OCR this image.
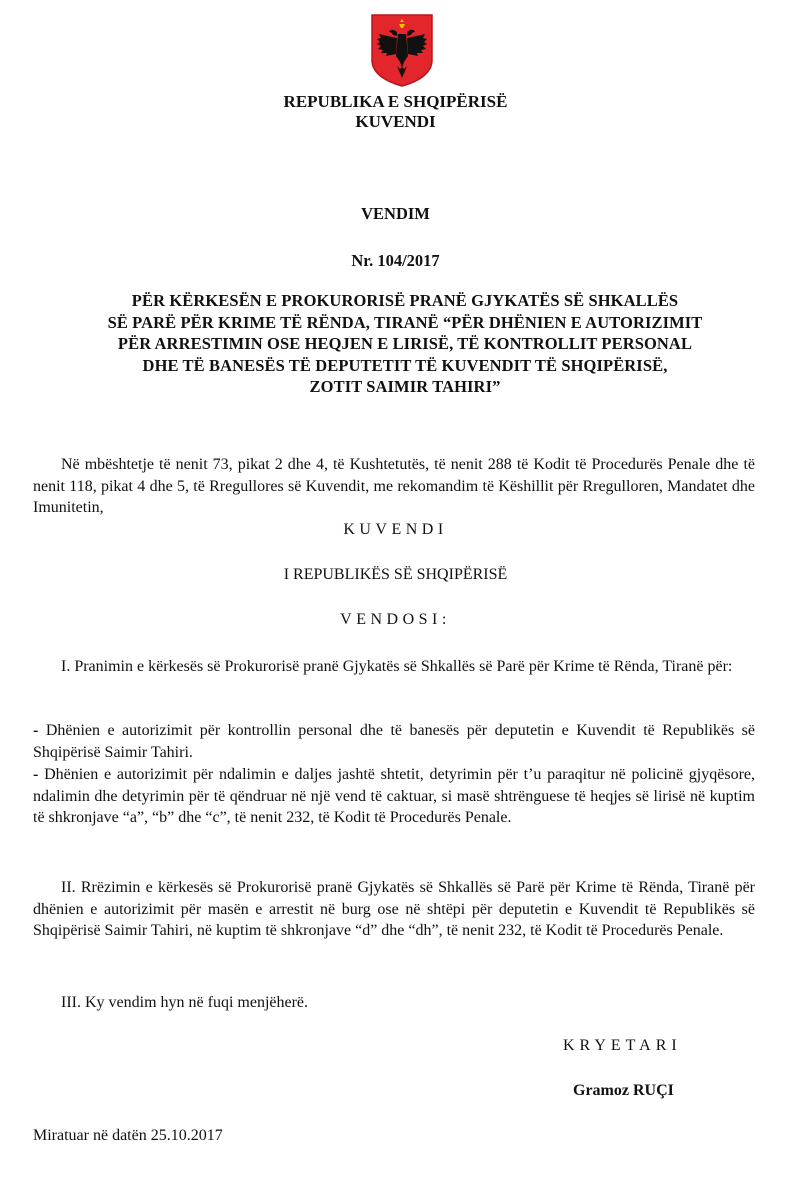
REPUBLIKA E SHQIPËRISË
KUVENDI
VENDIM
Nr. 104/2017
PËR KËRKESËN E PROKURORISË PRANË GJYKATËS SË SHKALLËS
SË PARË PËR KRIME TË RËNDA, TIRANË “PËR DHËNIEN E AUTORIZIMIT
PËR ARRESTIMIN OSE HEQJEN E LIRISË, TË KONTROLLIT PERSONAL
DHE TË BANESËS TË DEPUTETIT TË KUVENDIT TË SHQIPËRISË,
ZOTIT SAIMIR TAHIRI”
Në mbështetje të nenit 73, pikat 2 dhe 4, të Kushtetutës, të nenit 288 të Kodit të Procedurës Penale dhe të nenit 118, pikat 4 dhe 5, të Rregullores së Kuvendit, me rekomandim të Këshillit për Rregulloren, Mandatet dhe Imunitetin,
KUVENDI
I REPUBLIKËS SË SHQIPËRISË
VENDOSI:
I. Pranimin e kërkesës së Prokurorisë pranë Gjykatës së Shkallës së Parë për Krime të Rënda, Tiranë për:
- Dhënien e autorizimit për kontrollin personal dhe të banesës për deputetin e Kuvendit të Republikës së Shqipërisë Saimir Tahiri.
- Dhënien e autorizimit për ndalimin e daljes jashtë shtetit, detyrimin për t’u paraqitur në policinë gjyqësore, ndalimin dhe detyrimin për të qëndruar në një vend të caktuar, si masë shtrënguese të heqjes së lirisë në kuptim të shkronjave “a”, “b” dhe “c”, të nenit 232, të Kodit të Procedurës Penale.
II. Rrëzimin e kërkesës së Prokurorisë pranë Gjykatës së Shkallës së Parë për Krime të Rënda, Tiranë për dhënien e autorizimit për masën e arrestit në burg ose në shtëpi për deputetin e Kuvendit të Republikës së Shqipërisë Saimir Tahiri, në kuptim të shkronjave “d” dhe “dh”, të nenit 232, të Kodit të Procedurës Penale.
III. Ky vendim hyn në fuqi menjëherë.
KRYETARI
Gramoz RUÇI
Miratuar në datën 25.10.2017
